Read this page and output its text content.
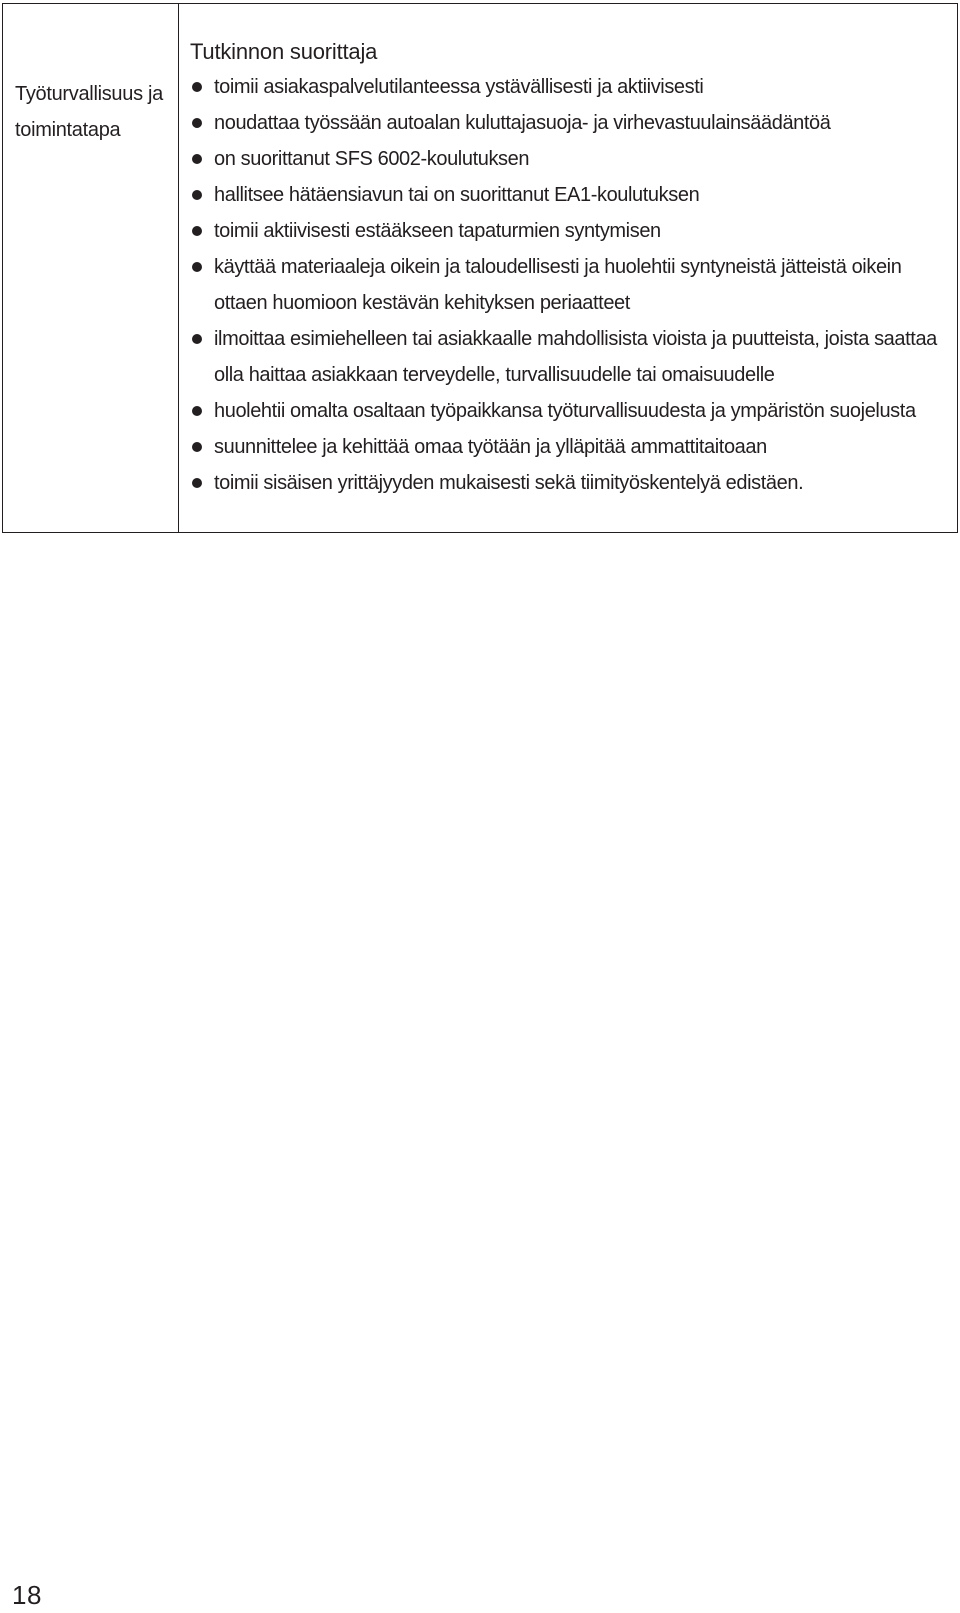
Työturvallisuus ja
toimintatapa
Tutkinnon suorittaja
toimii asiakaspalvelutilanteessa ystävällisesti ja aktiivisesti
noudattaa työssään autoalan kuluttajasuoja- ja virhevastuulainsäädäntöä
on suorittanut SFS 6002-koulutuksen
hallitsee hätäensiavun tai on suorittanut EA1-koulutuksen
toimii aktiivisesti estääkseen tapaturmien syntymisen
käyttää materiaaleja oikein ja taloudellisesti ja huolehtii syntyneistä jätteistä oikein ottaen huomioon kestävän kehityksen periaatteet
ilmoittaa esimiehelleen tai asiakkaalle mahdollisista vioista ja puutteista, joista saattaa olla haittaa asiakkaan terveydelle, turvallisuudelle tai omaisuudelle
huolehtii omalta osaltaan työpaikkansa työturvallisuudesta ja ympäristön suojelusta
suunnittelee ja kehittää omaa työtään ja ylläpitää ammattitaitoaan
toimii sisäisen yrittäjyyden mukaisesti sekä tiimityöskentelyä edistäen.
18
